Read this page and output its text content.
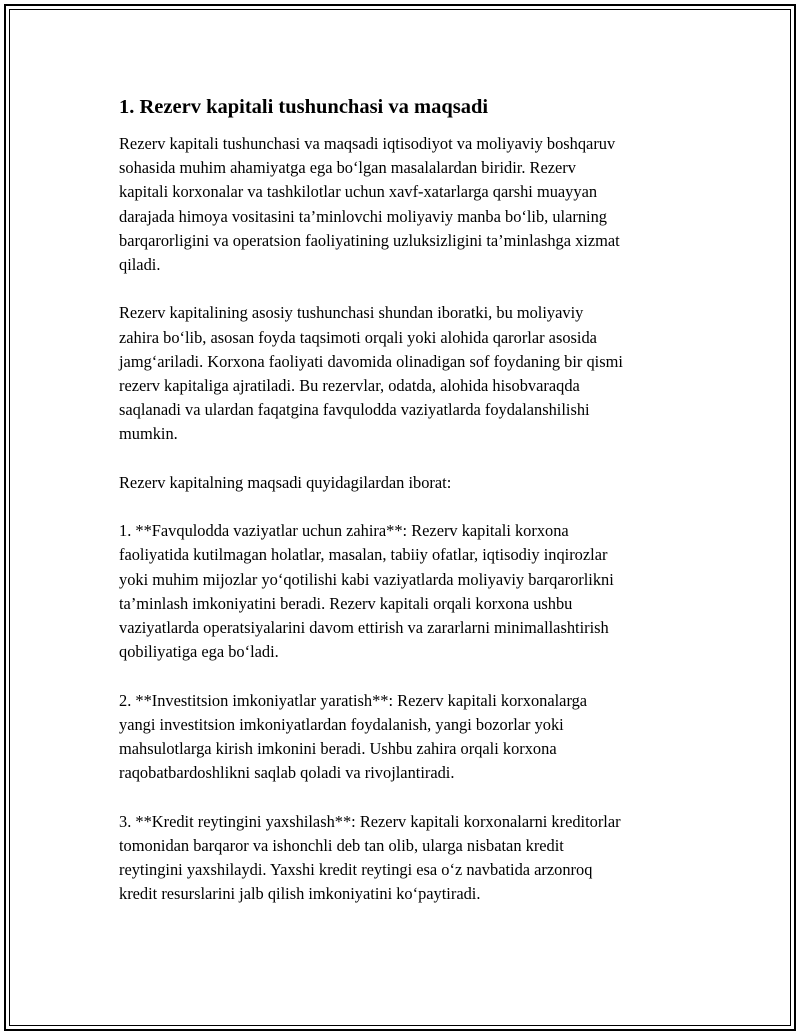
1. Rezerv kapitali tushunchasi va maqsadi

Rezerv kapitali tushunchasi va maqsadi iqtisodiyot va moliyaviy boshqaruv
sohasida muhim ahamiyatga ega bo‘lgan masalalardan biridir. Rezerv
kapitali korxonalar va tashkilotlar uchun xavf-xatarlarga qarshi muayyan
darajada himoya vositasini ta’minlovchi moliyaviy manba bo‘lib, ularning
barqarorligini va operatsion faoliyatining uzluksizligini ta’minlashga xizmat
qiladi.

Rezerv kapitalining asosiy tushunchasi shundan iboratki, bu moliyaviy
zahira bo‘lib, asosan foyda taqsimoti orqali yoki alohida qarorlar asosida
jamg‘ariladi. Korxona faoliyati davomida olinadigan sof foydaning bir qismi
rezerv kapitaliga ajratiladi. Bu rezervlar, odatda, alohida hisobvaraqda
saqlanadi va ulardan faqatgina favqulodda vaziyatlarda foydalanshilishi
mumkin.

Rezerv kapitalning maqsadi quyidagilardan iborat:

1. **Favqulodda vaziyatlar uchun zahira**: Rezerv kapitali korxona
faoliyatida kutilmagan holatlar, masalan, tabiiy ofatlar, iqtisodiy inqirozlar
yoki muhim mijozlar yo‘qotilishi kabi vaziyatlarda moliyaviy barqarorlikni
ta’minlash imkoniyatini beradi. Rezerv kapitali orqali korxona ushbu
vaziyatlarda operatsiyalarini davom ettirish va zararlarni minimallashtirish
qobiliyatiga ega bo‘ladi.

2. **Investitsion imkoniyatlar yaratish**: Rezerv kapitali korxonalarga
yangi investitsion imkoniyatlardan foydalanish, yangi bozorlar yoki
mahsulotlarga kirish imkonini beradi. Ushbu zahira orqali korxona
raqobatbardoshlikni saqlab qoladi va rivojlantiradi.

3. **Kredit reytingini yaxshilash**: Rezerv kapitali korxonalarni kreditorlar
tomonidan barqaror va ishonchli deb tan olib, ularga nisbatan kredit
reytingini yaxshilaydi. Yaxshi kredit reytingi esa o‘z navbatida arzonroq
kredit resurslarini jalb qilish imkoniyatini ko‘paytiradi.
